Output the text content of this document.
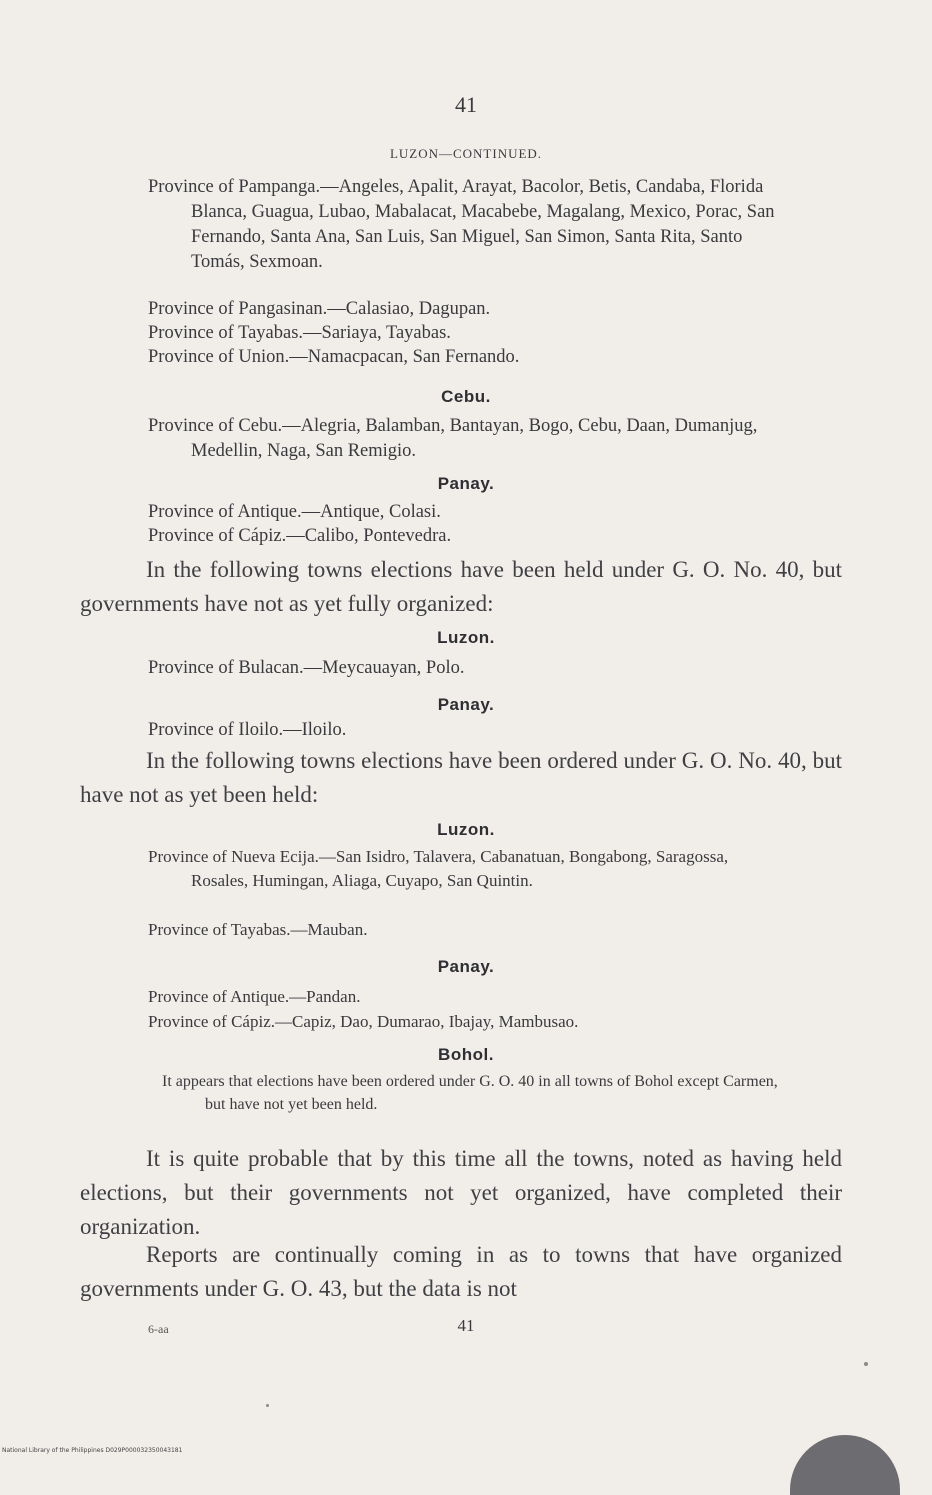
41
LUZON—CONTINUED.
Province of Pampanga.—Angeles, Apalit, Arayat, Bacolor, Betis, Candaba, Florida Blanca, Guagua, Lubao, Mabalacat, Macabebe, Magalang, Mexico, Porac, San Fernando, Santa Ana, San Luis, San Miguel, San Simon, Santa Rita, Santo Tomás, Sexmoan.
Province of Pangasinan.—Calasiao, Dagupan.
Province of Tayabas.—Sariaya, Tayabas.
Province of Union.—Namacpacan, San Fernando.
Cebu.
Province of Cebu.—Alegria, Balamban, Bantayan, Bogo, Cebu, Daan, Dumanjug, Medellin, Naga, San Remigio.
Panay.
Province of Antique.—Antique, Colasi.
Province of Cápiz.—Calibo, Pontevedra.
In the following towns elections have been held under G. O. No. 40, but governments have not as yet fully organized:
Luzon.
Province of Bulacan.—Meycauayan, Polo.
Panay.
Province of Iloilo.—Iloilo.
In the following towns elections have been ordered under G. O. No. 40, but have not as yet been held:
Luzon.
Province of Nueva Ecija.—San Isidro, Talavera, Cabanatuan, Bongabong, Saragossa, Rosales, Humingan, Aliaga, Cuyapo, San Quintin.
Province of Tayabas.—Mauban.
Panay.
Province of Antique.—Pandan.
Province of Cápiz.—Capiz, Dao, Dumarao, Ibajay, Mambusao.
Bohol.
It appears that elections have been ordered under G. O. 40 in all towns of Bohol except Carmen, but have not yet been held.
It is quite probable that by this time all the towns, noted as having held elections, but their governments not yet organized, have completed their organization.
Reports are continually coming in as to towns that have organized governments under G. O. 43, but the data is not
6-aa	41
National Library of the Philippines D029P000032350043181
